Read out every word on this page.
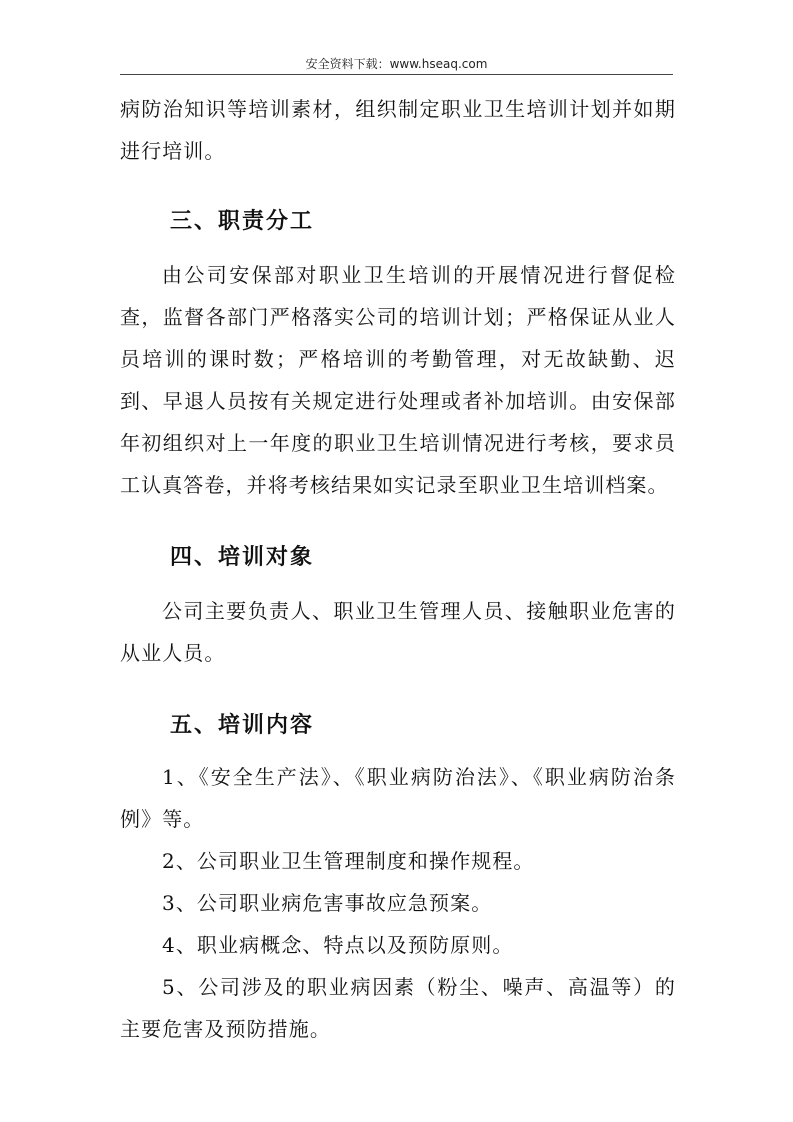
安全资料下载：www.hseaq.com

病防治知识等培训素材，组织制定职业卫生培训计划并如期进行培训。

三、职责分工

由公司安保部对职业卫生培训的开展情况进行督促检查，监督各部门严格落实公司的培训计划；严格保证从业人员培训的课时数；严格培训的考勤管理，对无故缺勤、迟到、早退人员按有关规定进行处理或者补加培训。由安保部年初组织对上一年度的职业卫生培训情况进行考核，要求员工认真答卷，并将考核结果如实记录至职业卫生培训档案。

四、培训对象

公司主要负责人、职业卫生管理人员、接触职业危害的从业人员。

五、培训内容

1、《安全生产法》、《职业病防治法》、《职业病防治条例》等。

2、公司职业卫生管理制度和操作规程。

3、公司职业病危害事故应急预案。

4、职业病概念、特点以及预防原则。

5、公司涉及的职业病因素（粉尘、噪声、高温等）的主要危害及预防措施。
